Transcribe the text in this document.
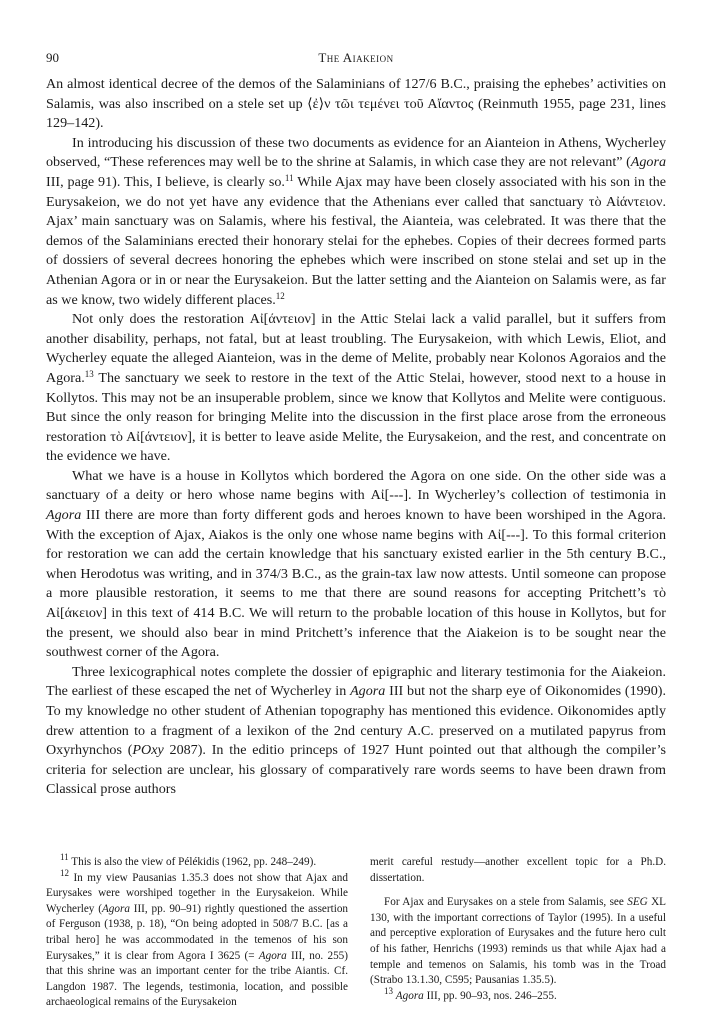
90	The Aiakeion

An almost identical decree of the demos of the Salaminians of 127/6 B.C., praising the ephebes’ activities on Salamis, was also inscribed on a stele set up ⟨ἐ⟩ν τῶι τεμένει τοῦ Αἴαντος (Reinmuth 1955, page 231, lines 129–142).

In introducing his discussion of these two documents as evidence for an Aianteion in Athens, Wycherley observed, “These references may well be to the shrine at Salamis, in which case they are not relevant” (Agora III, page 91). This, I believe, is clearly so.$^{11}$ While Ajax may have been closely associated with his son in the Eurysakeion, we do not yet have any evidence that the Athenians ever called that sanctuary τὸ Αἰάντειον. Ajax’ main sanctuary was on Salamis, where his festival, the Aianteia, was celebrated. It was there that the demos of the Salaminians erected their honorary stelai for the ephebes. Copies of their decrees formed parts of dossiers of several decrees honoring the ephebes which were inscribed on stone stelai and set up in the Athenian Agora or in or near the Eurysakeion. But the latter setting and the Aianteion on Salamis were, as far as we know, two widely different places.$^{12}$

Not only does the restoration Αἰ[άντειον] in the Attic Stelai lack a valid parallel, but it suffers from another disability, perhaps, not fatal, but at least troubling. The Eurysakeion, with which Lewis, Eliot, and Wycherley equate the alleged Aianteion, was in the deme of Melite, probably near Kolonos Agoraios and the Agora.$^{13}$ The sanctuary we seek to restore in the text of the Attic Stelai, however, stood next to a house in Kollytos. This may not be an insuperable problem, since we know that Kollytos and Melite were contiguous. But since the only reason for bringing Melite into the discussion in the first place arose from the erroneous restoration τὸ Αἰ[άντειον], it is better to leave aside Melite, the Eurysakeion, and the rest, and concentrate on the evidence we have.

What we have is a house in Kollytos which bordered the Agora on one side. On the other side was a sanctuary of a deity or hero whose name begins with Αἰ[‑‑‑]. In Wycherley’s collection of testimonia in Agora III there are more than forty different gods and heroes known to have been worshiped in the Agora. With the exception of Ajax, Aiakos is the only one whose name begins with Αἰ[‑‑‑]. To this formal criterion for restoration we can add the certain knowledge that his sanctuary existed earlier in the 5th century B.C., when Herodotus was writing, and in 374/3 B.C., as the grain-tax law now attests. Until someone can propose a more plausible restoration, it seems to me that there are sound reasons for accepting Pritchett’s τὸ Αἰ[άκειον] in this text of 414 B.C. We will return to the probable location of this house in Kollytos, but for the present, we should also bear in mind Pritchett’s inference that the Aiakeion is to be sought near the southwest corner of the Agora.

Three lexicographical notes complete the dossier of epigraphic and literary testimonia for the Aiakeion. The earliest of these escaped the net of Wycherley in Agora III but not the sharp eye of Oikonomides (1990). To my knowledge no other student of Athenian topography has mentioned this evidence. Oikonomides aptly drew attention to a fragment of a lexikon of the 2nd century A.C. preserved on a mutilated papyrus from Oxyrhynchos (POxy 2087). In the editio princeps of 1927 Hunt pointed out that although the compiler’s criteria for selection are unclear, his glossary of comparatively rare words seems to have been drawn from Classical prose authors

$^{11}$ This is also the view of Pélékidis (1962, pp. 248–249).

$^{12}$ In my view Pausanias 1.35.3 does not show that Ajax and Eurysakes were worshiped together in the Eurysakeion. While Wycherley (Agora III, pp. 90–91) rightly questioned the assertion of Ferguson (1938, p. 18), “On being adopted in 508/7 B.C. [as a tribal hero] he was accommodated in the temenos of his son Eurysakes,” it is clear from Agora I 3625 (= Agora III, no. 255) that this shrine was an important center for the tribe Aiantis. Cf. Langdon 1987. The legends, testimonia, location, and possible archaeological remains of the Eurysakeion

merit careful restudy—another excellent topic for a Ph.D. dissertation.

For Ajax and Eurysakes on a stele from Salamis, see SEG XL 130, with the important corrections of Taylor (1995). In a useful and perceptive exploration of Eurysakes and the future hero cult of his father, Henrichs (1993) reminds us that while Ajax had a temple and temenos on Salamis, his tomb was in the Troad (Strabo 13.1.30, C595; Pausanias 1.35.5).

$^{13}$ Agora III, pp. 90–93, nos. 246–255.
